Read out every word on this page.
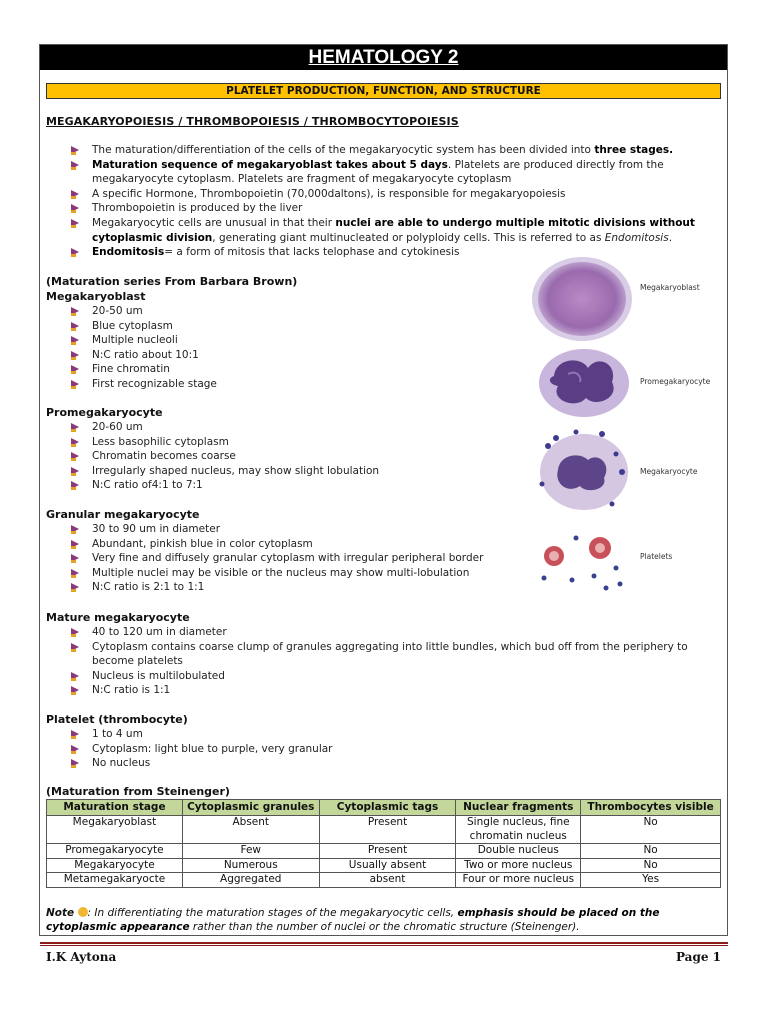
HEMATOLOGY 2
PLATELET PRODUCTION, FUNCTION, AND STRUCTURE
MEGAKARYOPOIESIS / THROMBOPOIESIS / THROMBOCYTOPOIESIS
The maturation/differentiation of the cells of the megakaryocytic system has been divided into three stages.
Maturation sequence of megakaryoblast takes about 5 days. Platelets are produced directly from the megakaryocyte cytoplasm. Platelets are fragment of megakaryocyte cytoplasm
A specific Hormone, Thrombopoietin (70,000daltons), is responsible for megakaryopoiesis
Thrombopoietin is produced by the liver
Megakaryocytic cells are unusual in that their nuclei are able to undergo multiple mitotic divisions without cytoplasmic division, generating giant multinucleated or polyploidy cells. This is referred to as Endomitosis.
Endomitosis= a form of mitosis that lacks telophase and cytokinesis
(Maturation series From Barbara Brown)
Megakaryoblast
20-50 um
Blue cytoplasm
Multiple nucleoli
N:C ratio about 10:1
Fine chromatin
First recognizable stage
Promegakaryocyte
20-60 um
Less basophilic cytoplasm
Chromatin becomes coarse
Irregularly shaped nucleus, may show slight lobulation
N:C ratio of4:1 to 7:1
Granular megakaryocyte
30 to 90 um in diameter
Abundant, pinkish blue in color cytoplasm
Very fine and diffusely granular cytoplasm with irregular peripheral border
Multiple nuclei may be visible or the nucleus may show multi-lobulation
N:C ratio is 2:1 to 1:1
Mature megakaryocyte
40 to 120 um in diameter
Cytoplasm contains coarse clump of granules aggregating into little bundles, which bud off from the periphery to become platelets
Nucleus is multilobulated
N:C ratio is 1:1
Platelet (thrombocyte)
1 to 4 um
Cytoplasm: light blue to purple, very granular
No nucleus
Megakaryoblast
Promegakaryocyte
Megakaryocyte
Platelets
(Maturation from Steinenger)
Maturation stage	Cytoplasmic granules	Cytoplasmic tags	Nuclear fragments	Thrombocytes visible
Megakaryoblast	Absent	Present	Single nucleus, fine chromatin nucleus	No
Promegakaryocyte	Few	Present	Double nucleus	No
Megakaryocyte	Numerous	Usually absent	Two or more nucleus	No
Metamegakaryocte	Aggregated	absent	Four or more nucleus	Yes
Note : In differentiating the maturation stages of the megakaryocytic cells, emphasis should be placed on the cytoplasmic appearance rather than the number of nuclei or the chromatic structure (Steinenger).
I.K Aytona	Page 1
